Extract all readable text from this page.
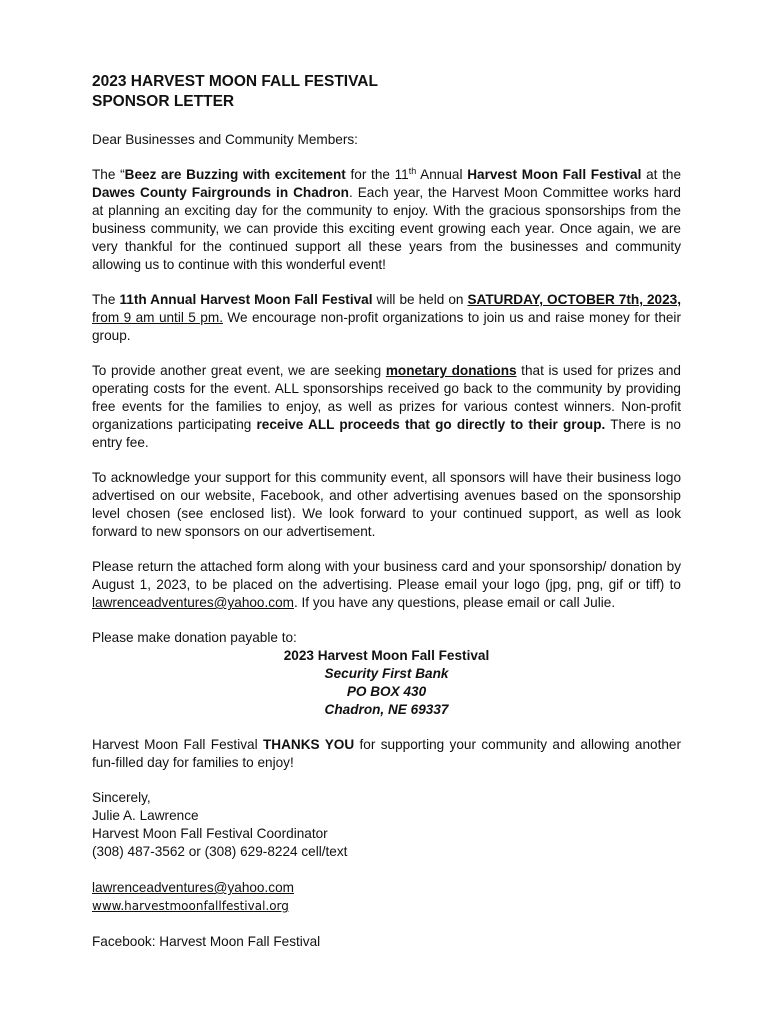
2023 HARVEST MOON FALL FESTIVAL
SPONSOR LETTER

Dear Businesses and Community Members:

The “Beez are Buzzing with excitement for the 11th Annual Harvest Moon Fall Festival at the Dawes County Fairgrounds in Chadron. Each year, the Harvest Moon Committee works hard at planning an exciting day for the community to enjoy. With the gracious sponsorships from the business community, we can provide this exciting event growing each year. Once again, we are very thankful for the continued support all these years from the businesses and community allowing us to continue with this wonderful event!

The 11th Annual Harvest Moon Fall Festival will be held on SATURDAY, OCTOBER 7th, 2023, from 9 am until 5 pm. We encourage non-profit organizations to join us and raise money for their group.

To provide another great event, we are seeking monetary donations that is used for prizes and operating costs for the event. ALL sponsorships received go back to the community by providing free events for the families to enjoy, as well as prizes for various contest winners. Non-profit organizations participating receive ALL proceeds that go directly to their group. There is no entry fee.

To acknowledge your support for this community event, all sponsors will have their business logo advertised on our website, Facebook, and other advertising avenues based on the sponsorship level chosen (see enclosed list). We look forward to your continued support, as well as look forward to new sponsors on our advertisement.

Please return the attached form along with your business card and your sponsorship/ donation by August 1, 2023, to be placed on the advertising. Please email your logo (jpg, png, gif or tiff) to lawrenceadventures@yahoo.com. If you have any questions, please email or call Julie.

Please make donation payable to:

2023 Harvest Moon Fall Festival
Security First Bank
PO BOX 430
Chadron, NE 69337

Harvest Moon Fall Festival THANKS YOU for supporting your community and allowing another fun-filled day for families to enjoy!

Sincerely,
Julie A. Lawrence
Harvest Moon Fall Festival Coordinator
(308) 487-3562 or (308) 629-8224 cell/text

lawrenceadventures@yahoo.com
www.harvestmoonfallfestival.org

Facebook: Harvest Moon Fall Festival
